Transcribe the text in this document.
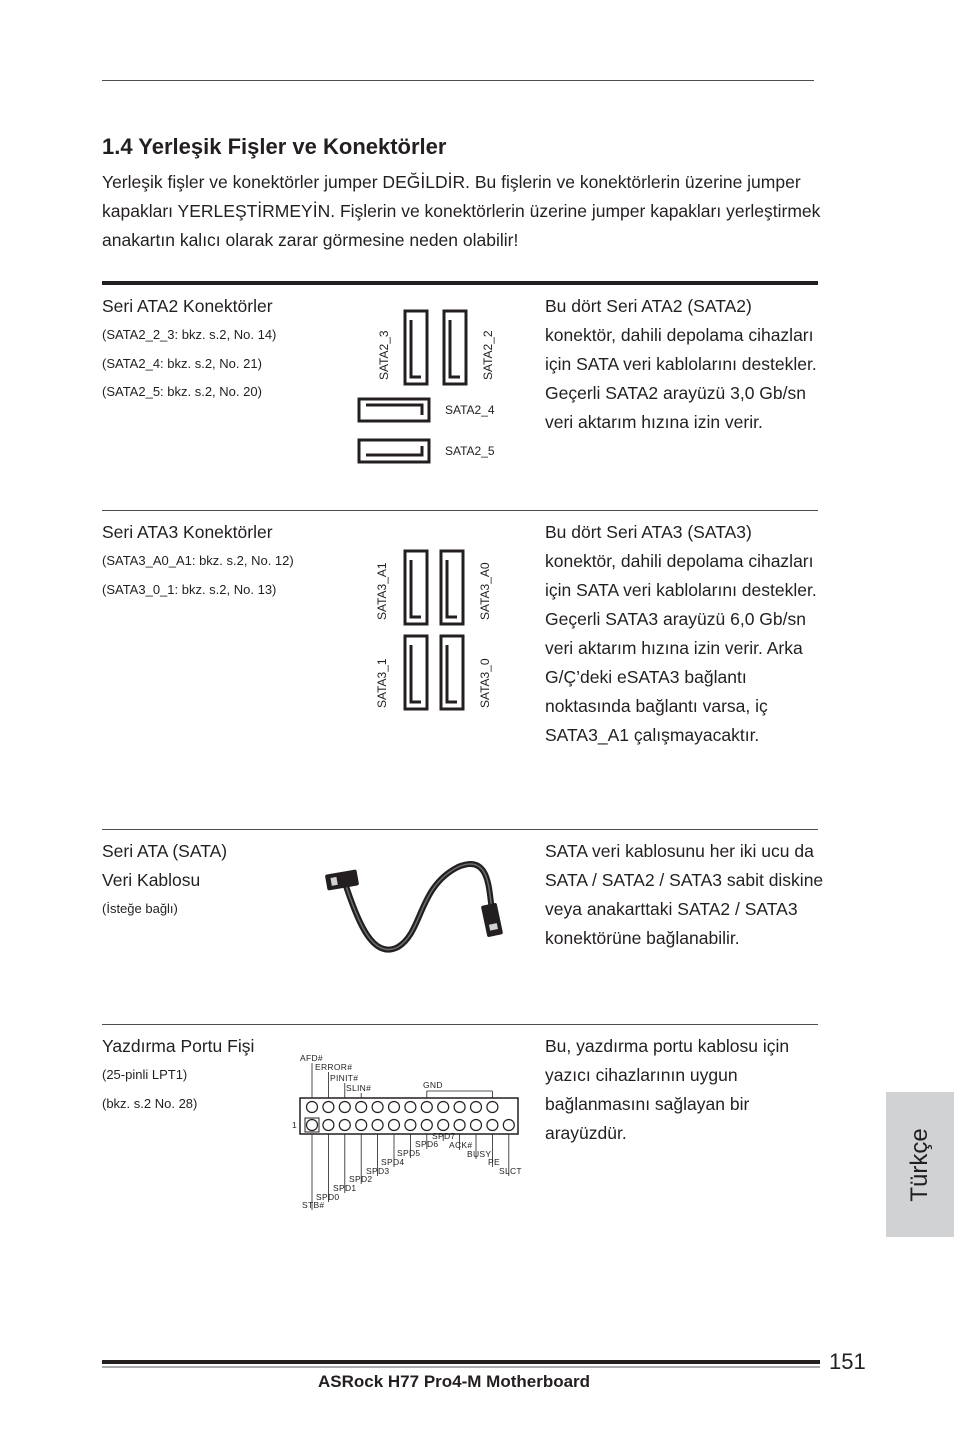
1.4 Yerleşik Fişler ve Konektörler
Yerleşik fişler ve konektörler jumper DEĞİLDİR. Bu fişlerin ve konektörlerin üzerine jumper kapakları YERLEŞTİRMEYİN. Fişlerin ve konektörlerin üzerine jumper kapakları yerleştirmek anakartın kalıcı olarak zarar görmesine neden olabilir!
Seri ATA2 Konektörler
(SATA2_2_3: bkz. s.2, No. 14)
(SATA2_4: bkz. s.2, No. 21)
(SATA2_5: bkz. s.2, No. 20)
SATA2_3	SATA2_2
SATA2_4
SATA2_5
Bu dört Seri ATA2 (SATA2) konektör, dahili depolama cihazları için SATA veri kablolarını destekler. Geçerli SATA2 arayüzü 3,0 Gb/sn veri aktarım hızına izin verir.
Seri ATA3 Konektörler
(SATA3_A0_A1: bkz. s.2, No. 12)
(SATA3_0_1: bkz. s.2, No. 13)	SATA3_A1	SATA3_A0
SATA3_1	SATA3_0
Bu dört Seri ATA3 (SATA3) konektör, dahili depolama cihazları için SATA veri kablolarını destekler. Geçerli SATA3 arayüzü 6,0 Gb/sn veri aktarım hızına izin verir. Arka G/Ç’deki eSATA3 bağlantı noktasında bağlantı varsa, iç SATA3_A1 çalışmayacaktır.
Seri ATA (SATA)
Veri Kablosu
(İsteğe bağlı)
SATA veri kablosunu her iki ucu da SATA / SATA2 / SATA3 sabit diskine veya anakarttaki SATA2 / SATA3 konektörüne bağlanabilir.
Yazdırma Portu Fişi
(25-pinli LPT1)
(bkz. s.2 No. 28)
1
AFD#
ERROR#
PINIT#
SLIN#	GND
STB#
SPD0
SPD1
SPD2
SPD3
SPD4
SPD5
SPD6
SPD7
ACK#
BUSY
PE
SLCT
Bu, yazdırma portu kablosu için yazıcı cihazlarının uygun bağlanmasını sağlayan bir arayüzdür.	Türkçe
151
ASRock H77 Pro4-M Motherboard
